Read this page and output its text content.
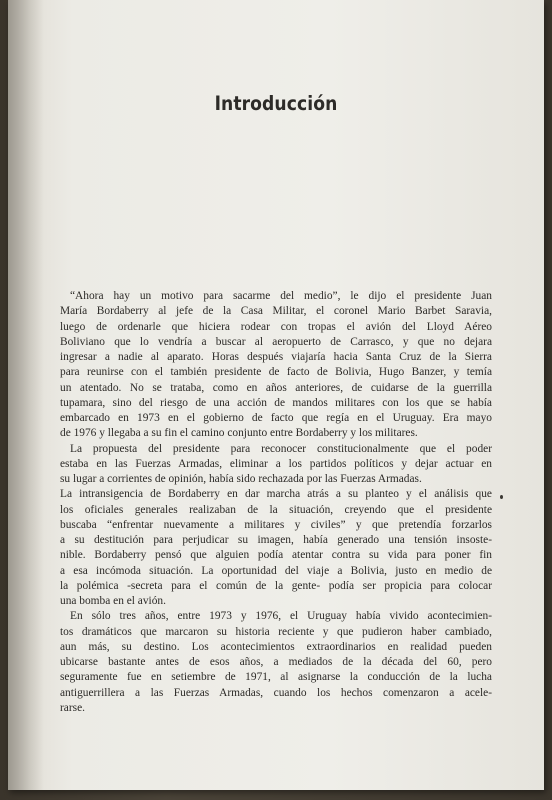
Introducción
“Ahora hay un motivo para sacarme del medio”, le dijo el presidente Juan
María Bordaberry al jefe de la Casa Militar, el coronel Mario Barbet Saravia,
luego de ordenarle que hiciera rodear con tropas el avión del Lloyd Aéreo
Boliviano que lo vendría a buscar al aeropuerto de Carrasco, y que no dejara
ingresar a nadie al aparato. Horas después viajaría hacia Santa Cruz de la Sierra
para reunirse con el también presidente de facto de Bolivia, Hugo Banzer, y temía
un atentado. No se trataba, como en años anteriores, de cuidarse de la guerrilla
tupamara, sino del riesgo de una acción de mandos militares con los que se había
embarcado en 1973 en el gobierno de facto que regía en el Uruguay. Era mayo
de 1976 y llegaba a su fin el camino conjunto entre Bordaberry y los militares.
La propuesta del presidente para reconocer constitucionalmente que el poder
estaba en las Fuerzas Armadas, eliminar a los partidos políticos y dejar actuar en
su lugar a corrientes de opinión, había sido rechazada por las Fuerzas Armadas.
La intransigencia de Bordaberry en dar marcha atrás a su planteo y el análisis que
los oficiales generales realizaban de la situación, creyendo que el presidente
buscaba “enfrentar nuevamente a militares y civiles” y que pretendía forzarlos
a su destitución para perjudicar su imagen, había generado una tensión insoste-
nible. Bordaberry pensó que alguien podía atentar contra su vida para poner fin
a esa incómoda situación. La oportunidad del viaje a Bolivia, justo en medio de
la polémica -secreta para el común de la gente- podía ser propicia para colocar
una bomba en el avión.
En sólo tres años, entre 1973 y 1976, el Uruguay había vivido acontecimien-
tos dramáticos que marcaron su historia reciente y que pudieron haber cambiado,
aun más, su destino. Los acontecimientos extraordinarios en realidad pueden
ubicarse bastante antes de esos años, a mediados de la década del 60, pero
seguramente fue en setiembre de 1971, al asignarse la conducción de la lucha
antiguerrillera a las Fuerzas Armadas, cuando los hechos comenzaron a acele-
rarse.
